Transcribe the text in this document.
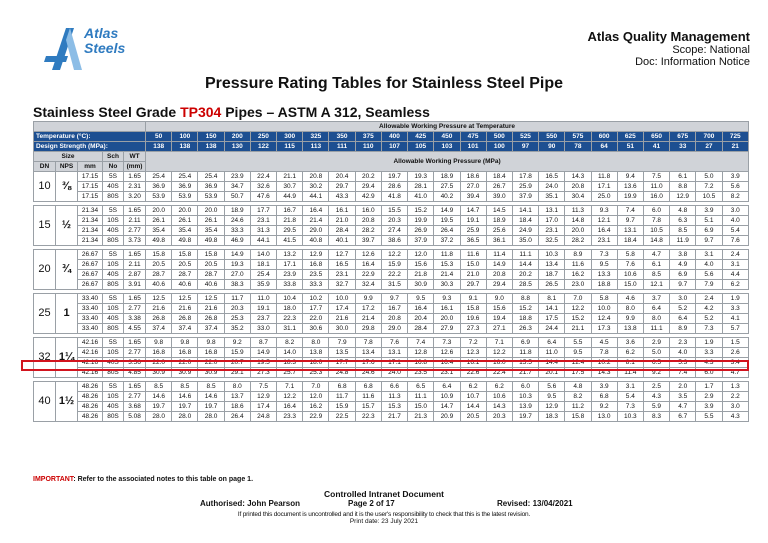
Atlas
Steels
Atlas Quality Management
Scope: National
Doc: Information Notice
Pressure Rating Tables for Stainless Steel Pipe
Stainless Steel Grade TP304 Pipes – ASTM A 312, Seamless
					Allowable Working Pressure at Temperature																						
Temperature (°C):					50	100	150	200	250	300	325	350	375	400	425	450	475	500	525	550	575	600	625	650	675	700	725
Design Strength (MPa):					138	138	138	130	122	115	113	111	110	107	105	103	101	100	97	90	78	64	51	41	33	27	21
Size			Sch	WT	Allowable Working Pressure (MPa)																						
DN	NPS	mm	No	(mm)																							
10	⅜	17.15	5S	1.65	25.4	25.4	25.4	23.9	22.4	21.1	20.8	20.4	20.2	19.7	19.3	18.9	18.6	18.4	17.8	16.5	14.3	11.8	9.4	7.5	6.1	5.0	3.9
		17.15	40S	2.31	36.9	36.9	36.9	34.7	32.6	30.7	30.2	29.7	29.4	28.6	28.1	27.5	27.0	26.7	25.9	24.0	20.8	17.1	13.6	11.0	8.8	7.2	5.6
		17.15	80S	3.20	53.9	53.9	53.9	50.7	47.6	44.9	44.1	43.3	42.9	41.8	41.0	40.2	39.4	39.0	37.9	35.1	30.4	25.0	19.9	16.0	12.9	10.5	8.2

15	½	21.34	5S	1.65	20.0	20.0	20.0	18.9	17.7	16.7	16.4	16.1	16.0	15.5	15.2	14.9	14.7	14.5	14.1	13.1	11.3	9.3	7.4	6.0	4.8	3.9	3.0
		21.34	10S	2.11	26.1	26.1	26.1	24.6	23.1	21.8	21.4	21.0	20.8	20.3	19.9	19.5	19.1	18.9	18.4	17.0	14.8	12.1	9.7	7.8	6.3	5.1	4.0
		21.34	40S	2.77	35.4	35.4	35.4	33.3	31.3	29.5	29.0	28.4	28.2	27.4	26.9	26.4	25.9	25.6	24.9	23.1	20.0	16.4	13.1	10.5	8.5	6.9	5.4
		21.34	80S	3.73	49.8	49.8	49.8	46.9	44.1	41.5	40.8	40.1	39.7	38.6	37.9	37.2	36.5	36.1	35.0	32.5	28.2	23.1	18.4	14.8	11.9	9.7	7.6

20	¾	26.67	5S	1.65	15.8	15.8	15.8	14.9	14.0	13.2	12.9	12.7	12.6	12.2	12.0	11.8	11.6	11.4	11.1	10.3	8.9	7.3	5.8	4.7	3.8	3.1	2.4
		26.67	10S	2.11	20.5	20.5	20.5	19.3	18.1	17.1	16.8	16.5	16.4	15.9	15.6	15.3	15.0	14.9	14.4	13.4	11.6	9.5	7.6	6.1	4.9	4.0	3.1
		26.67	40S	2.87	28.7	28.7	28.7	27.0	25.4	23.9	23.5	23.1	22.9	22.2	21.8	21.4	21.0	20.8	20.2	18.7	16.2	13.3	10.6	8.5	6.9	5.6	4.4
		26.67	80S	3.91	40.6	40.6	40.6	38.3	35.9	33.8	33.3	32.7	32.4	31.5	30.9	30.3	29.7	29.4	28.5	26.5	23.0	18.8	15.0	12.1	9.7	7.9	6.2

25	1	33.40	5S	1.65	12.5	12.5	12.5	11.7	11.0	10.4	10.2	10.0	9.9	9.7	9.5	9.3	9.1	9.0	8.8	8.1	7.0	5.8	4.6	3.7	3.0	2.4	1.9
		33.40	10S	2.77	21.6	21.6	21.6	20.3	19.1	18.0	17.7	17.4	17.2	16.7	16.4	16.1	15.8	15.6	15.2	14.1	12.2	10.0	8.0	6.4	5.2	4.2	3.3
		33.40	40S	3.38	26.8	26.8	26.8	25.3	23.7	22.3	22.0	21.6	21.4	20.8	20.4	20.0	19.6	19.4	18.8	17.5	15.2	12.4	9.9	8.0	6.4	5.2	4.1
		33.40	80S	4.55	37.4	37.4	37.4	35.2	33.0	31.1	30.6	30.0	29.8	29.0	28.4	27.9	27.3	27.1	26.3	24.4	21.1	17.3	13.8	11.1	8.9	7.3	5.7

32	1¼	42.16	5S	1.65	9.8	9.8	9.8	9.2	8.7	8.2	8.0	7.9	7.8	7.6	7.4	7.3	7.2	7.1	6.9	6.4	5.5	4.5	3.6	2.9	2.3	1.9	1.5
		42.16	10S	2.77	16.8	16.8	16.8	15.9	14.9	14.0	13.8	13.5	13.4	13.1	12.8	12.6	12.3	12.2	11.8	11.0	9.5	7.8	6.2	5.0	4.0	3.3	2.6
		42.16	40S	3.56	22.0	22.0	22.0	20.7	19.5	18.3	18.0	17.7	17.6	17.1	16.8	16.4	16.1	16.0	15.5	14.4	12.4	10.2	8.1	6.5	5.3	4.3	3.4
		42.16	80S	4.85	30.9	30.9	30.9	29.1	27.3	25.7	25.3	24.8	24.6	24.0	23.5	23.1	22.6	22.4	21.7	20.1	17.5	14.3	11.4	9.2	7.4	6.0	4.7

40	1½	48.26	5S	1.65	8.5	8.5	8.5	8.0	7.5	7.1	7.0	6.8	6.8	6.6	6.5	6.4	6.2	6.2	6.0	5.6	4.8	3.9	3.1	2.5	2.0	1.7	1.3
		48.26	10S	2.77	14.6	14.6	14.6	13.7	12.9	12.2	12.0	11.7	11.6	11.3	11.1	10.9	10.7	10.6	10.3	9.5	8.2	6.8	5.4	4.3	3.5	2.9	2.2
		48.26	40S	3.68	19.7	19.7	19.7	18.6	17.4	16.4	16.2	15.9	15.7	15.3	15.0	14.7	14.4	14.3	13.9	12.9	11.2	9.2	7.3	5.9	4.7	3.9	3.0
		48.26	80S	5.08	28.0	28.0	28.0	26.4	24.8	23.3	22.9	22.5	22.3	21.7	21.3	20.9	20.5	20.3	19.7	18.3	15.8	13.0	10.3	8.3	6.7	5.5	4.3
IMPORTANT: Refer to the associated notes to this table on page 1.
Controlled Intranet Document
Authorised: John Pearson	Page 2 of 17	Revised: 13/04/2021
If printed this document is uncontrolled and it is the user's responsibility to check that this is the latest revision.
Print date: 23 July 2021
